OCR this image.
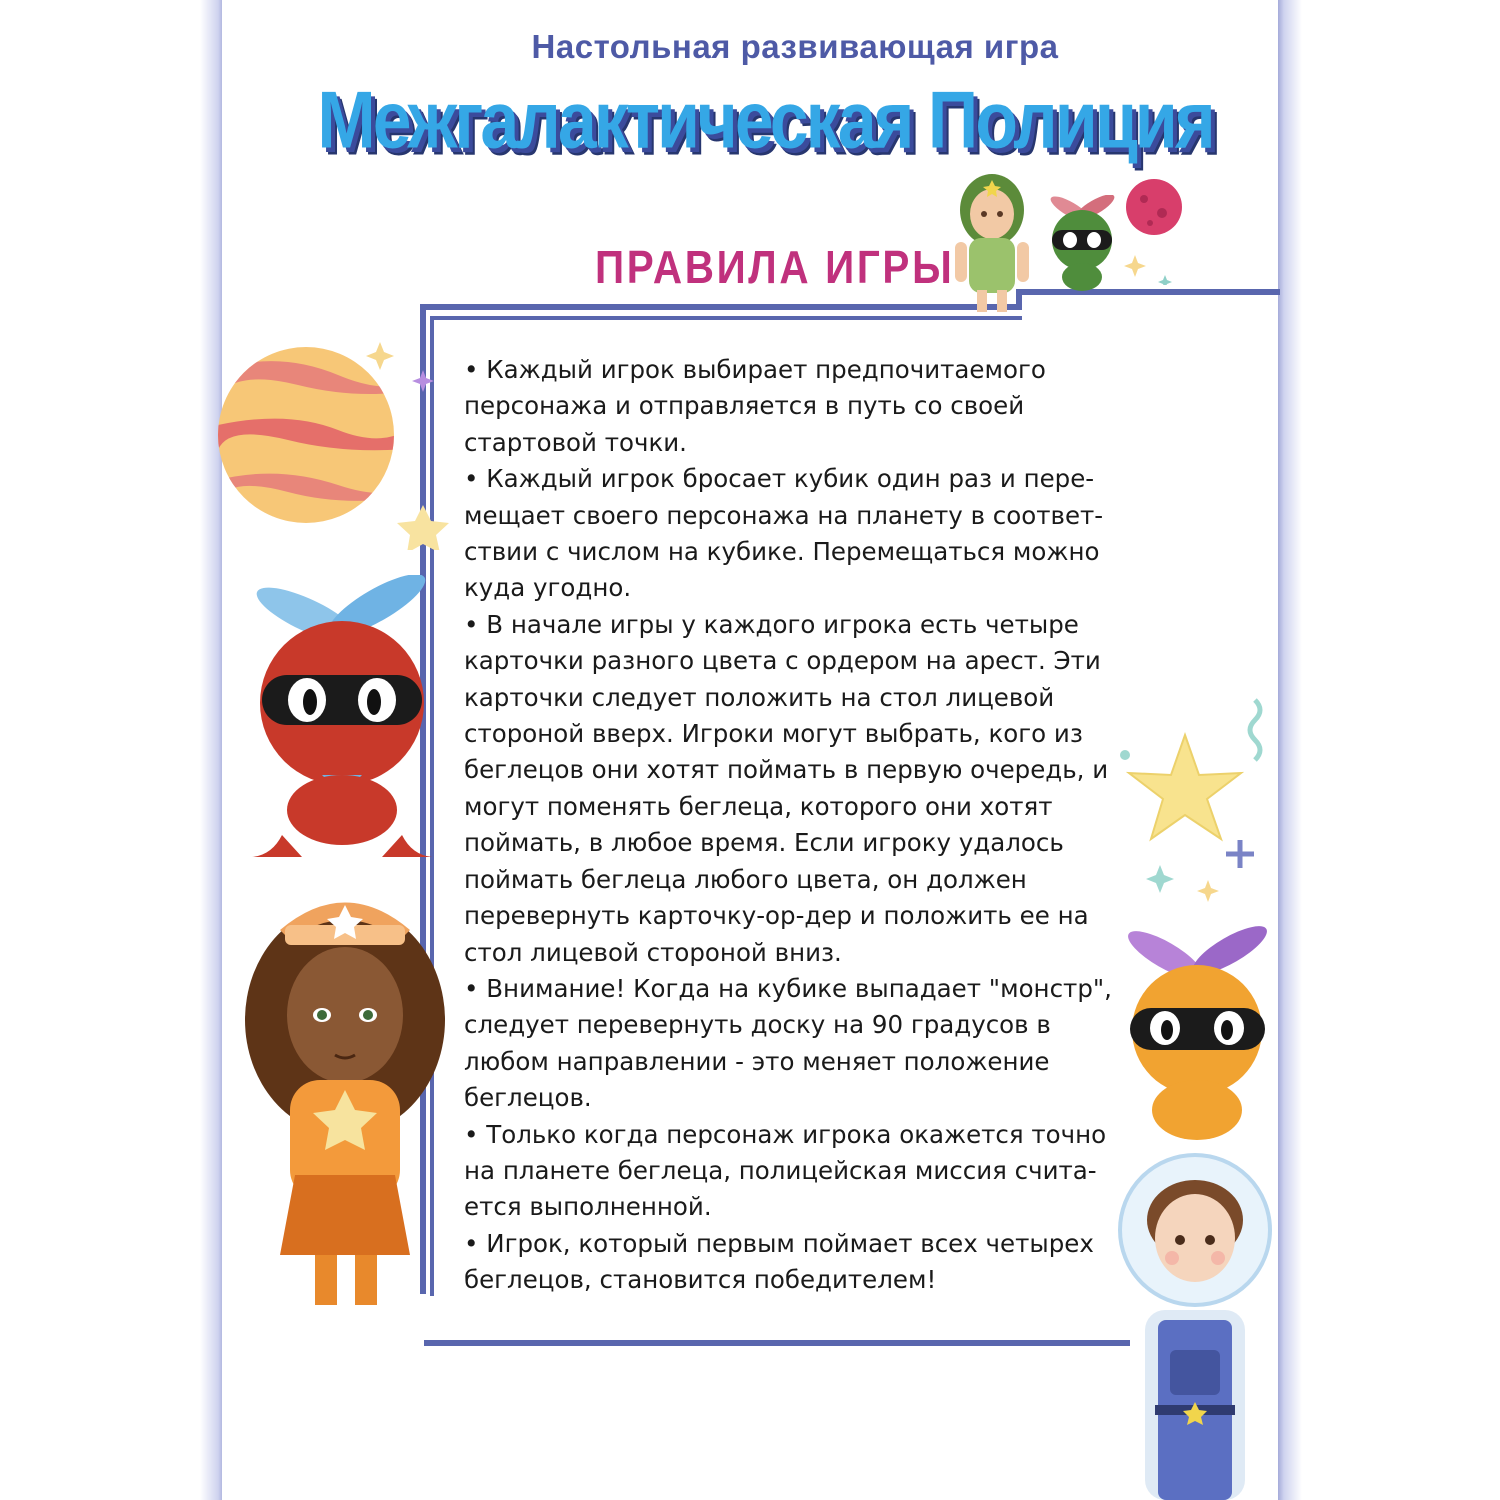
Настольная развивающая игра
Межгалактическая Полиция
ПРАВИЛА ИГРЫ
• Каждый игрок выбирает предпочитаемого персонажа и отправляется в путь со своей стартовой точки.
• Каждый игрок бросает кубик один раз и пере-мещает своего персонажа на планету в соответ-ствии с числом на кубике. Перемещаться можно куда угодно.
• В начале игры у каждого игрока есть четыре карточки разного цвета с ордером на арест. Эти карточки следует положить на стол лицевой стороной вверх. Игроки могут выбрать, кого из беглецов они хотят поймать в первую очередь, и могут поменять беглеца, которого они хотят поймать, в любое время. Если игроку удалось поймать беглеца любого цвета, он должен перевернуть карточку-ор-дер и положить ее на стол лицевой стороной вниз.
• Внимание! Когда на кубике выпадает "монстр", следует перевернуть доску на 90 градусов в любом направлении - это меняет положение беглецов.
• Только когда персонаж игрока окажется точно на планете беглеца, полицейская миссия счита-ется выполненной.
• Игрок, который первым поймает всех четырех беглецов, становится победителем!
